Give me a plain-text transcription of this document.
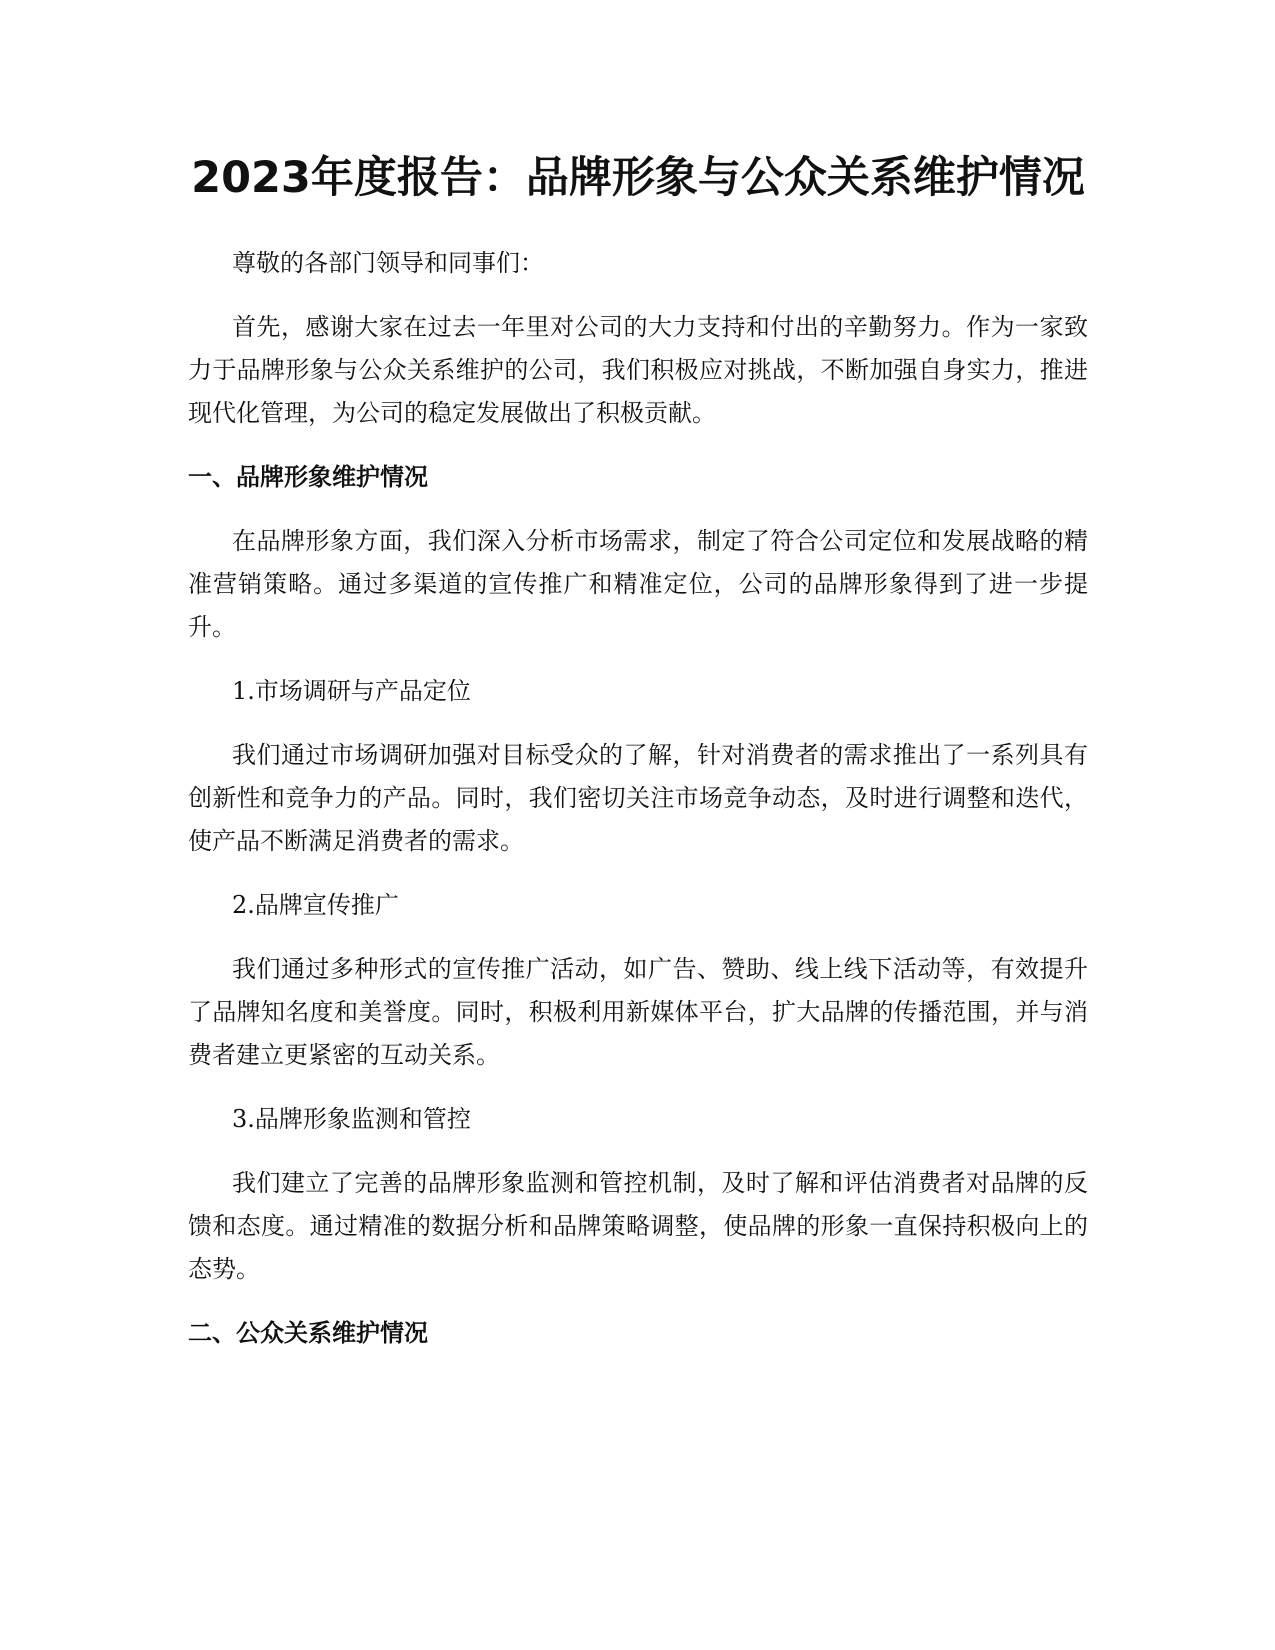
2023年度报告：品牌形象与公众关系维护情况

尊敬的各部门领导和同事们：

首先，感谢大家在过去一年里对公司的大力支持和付出的辛勤努力。作为一家致力于品牌形象与公众关系维护的公司，我们积极应对挑战，不断加强自身实力，推进现代化管理，为公司的稳定发展做出了积极贡献。

一、品牌形象维护情况

在品牌形象方面，我们深入分析市场需求，制定了符合公司定位和发展战略的精准营销策略。通过多渠道的宣传推广和精准定位，公司的品牌形象得到了进一步提升。

1.市场调研与产品定位

我们通过市场调研加强对目标受众的了解，针对消费者的需求推出了一系列具有创新性和竞争力的产品。同时，我们密切关注市场竞争动态，及时进行调整和迭代，使产品不断满足消费者的需求。

2.品牌宣传推广

我们通过多种形式的宣传推广活动，如广告、赞助、线上线下活动等，有效提升了品牌知名度和美誉度。同时，积极利用新媒体平台，扩大品牌的传播范围，并与消费者建立更紧密的互动关系。

3.品牌形象监测和管控

我们建立了完善的品牌形象监测和管控机制，及时了解和评估消费者对品牌的反馈和态度。通过精准的数据分析和品牌策略调整，使品牌的形象一直保持积极向上的态势。

二、公众关系维护情况
